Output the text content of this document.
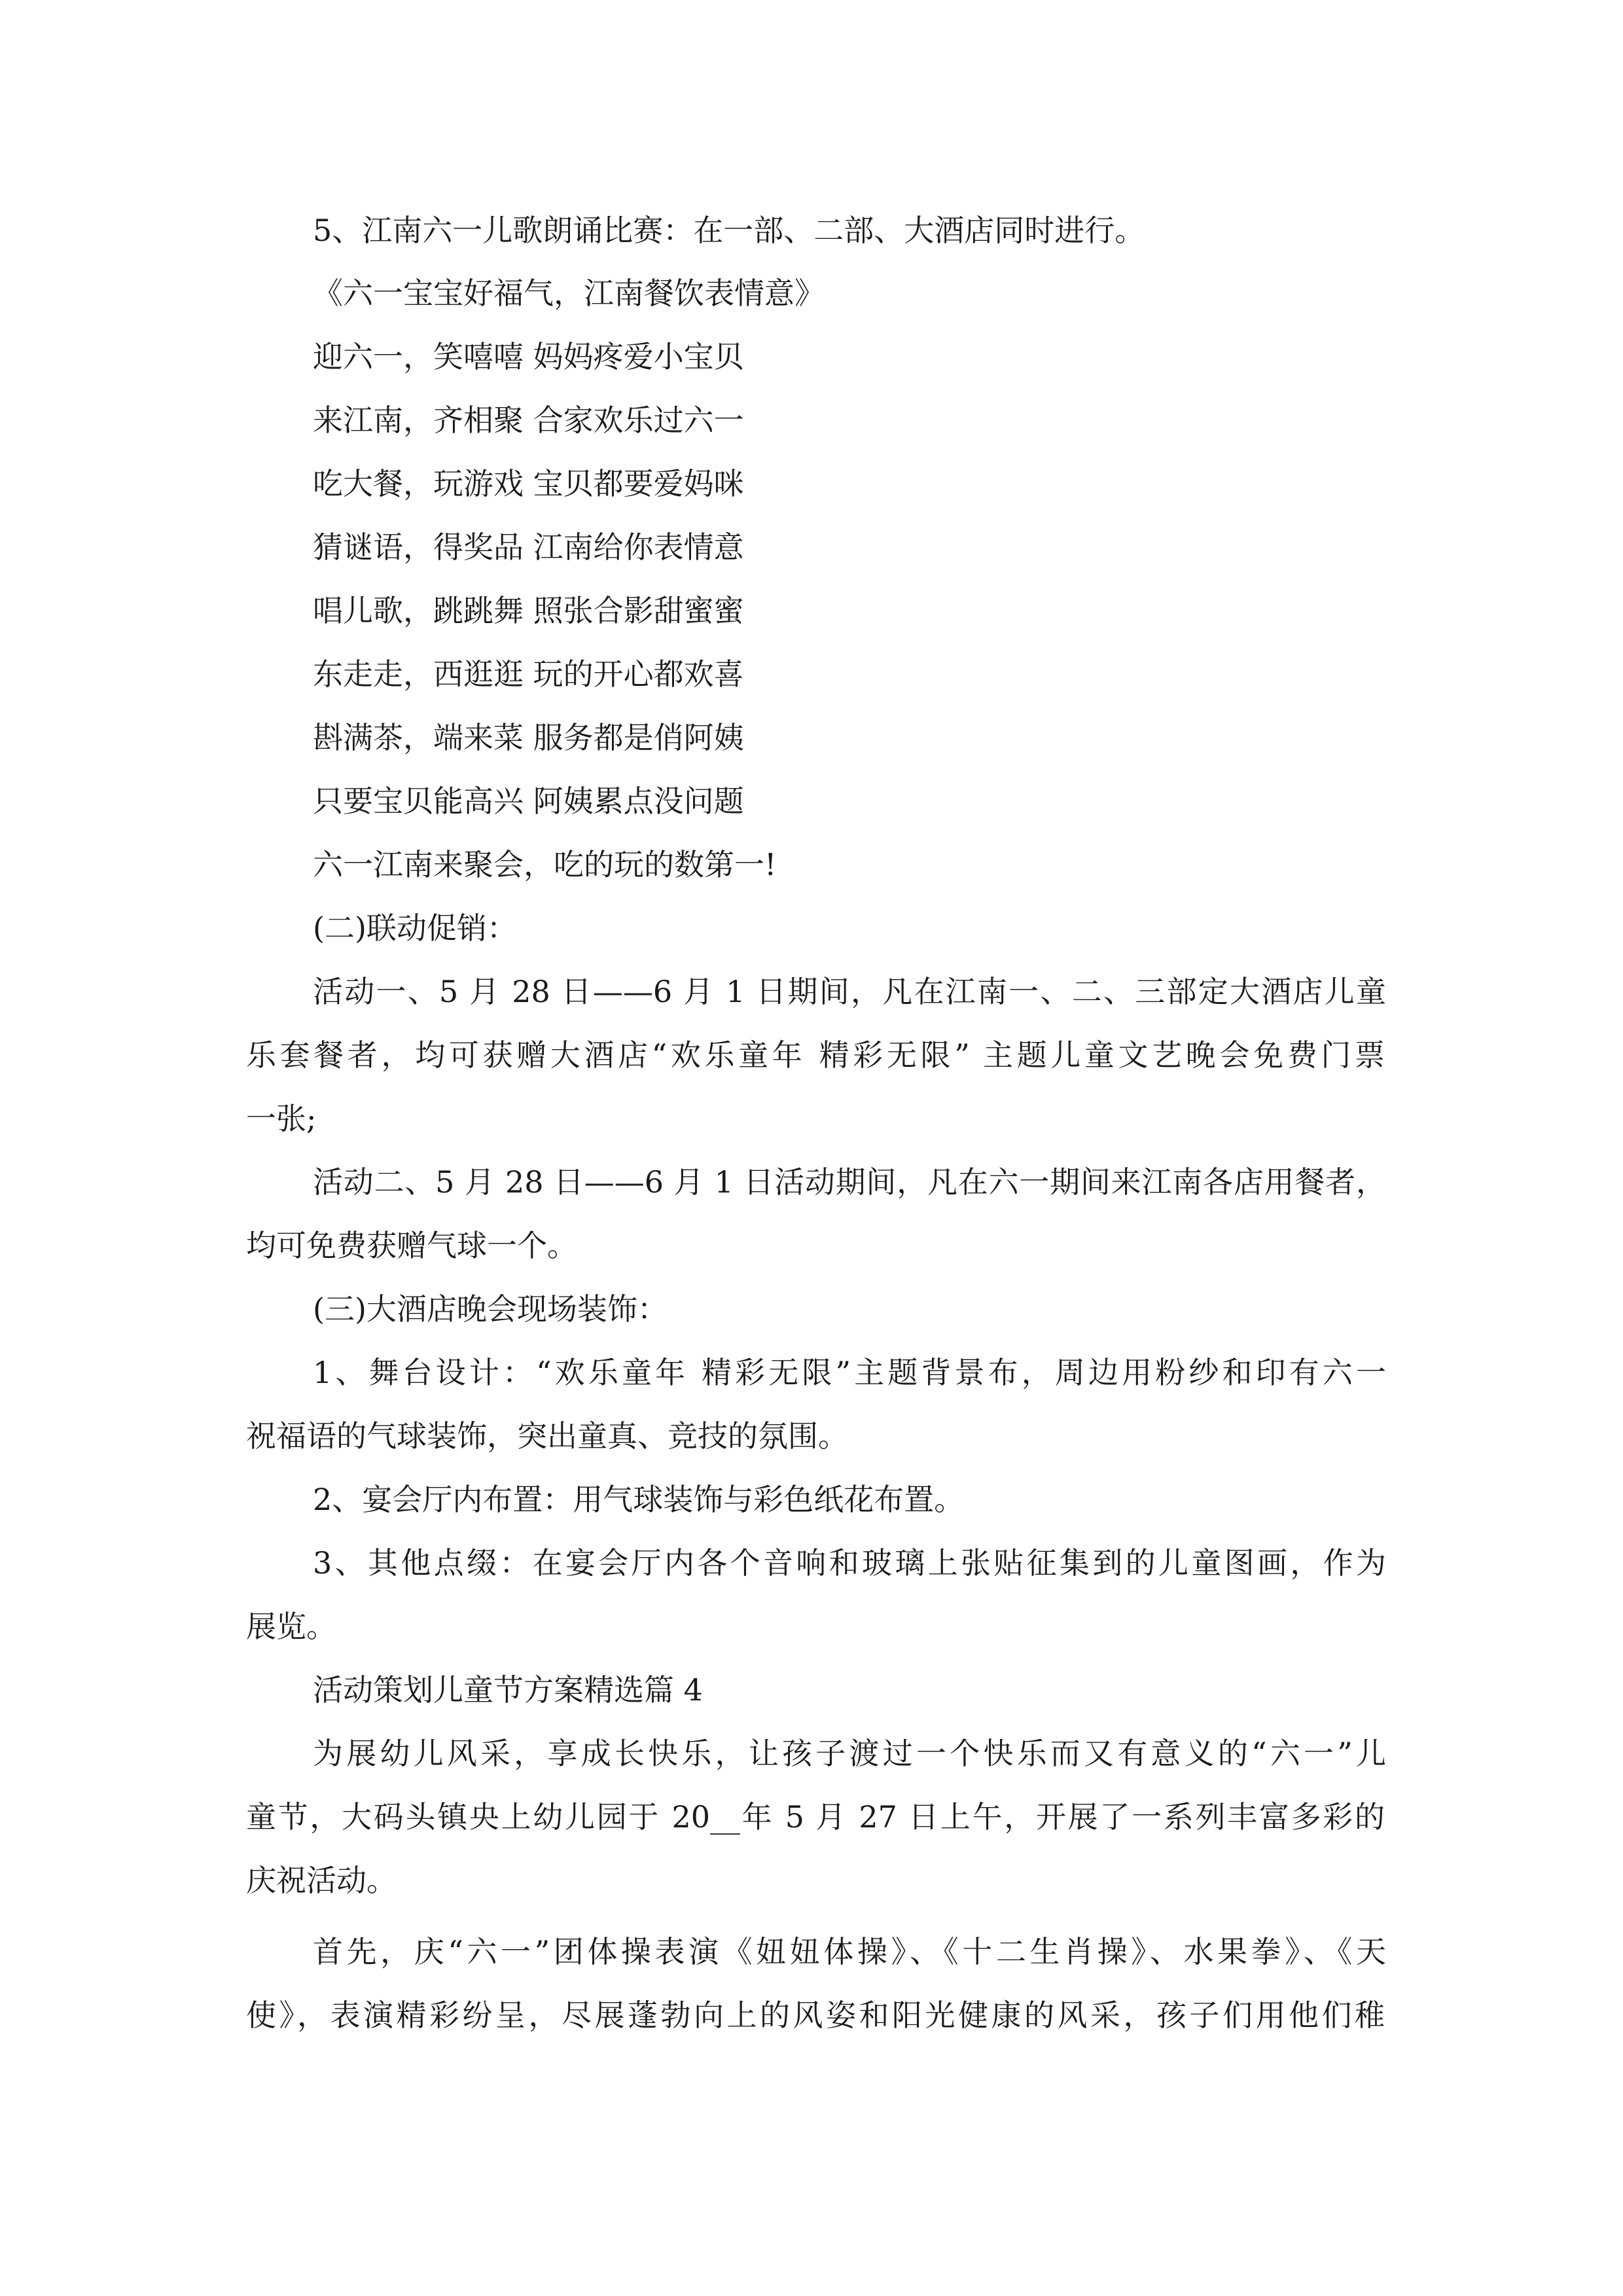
5、江南六一儿歌朗诵比赛：在一部、二部、大酒店同时进行。
《六一宝宝好福气，江南餐饮表情意》
迎六一，笑嘻嘻 妈妈疼爱小宝贝
来江南，齐相聚 合家欢乐过六一
吃大餐，玩游戏 宝贝都要爱妈咪
猜谜语，得奖品 江南给你表情意
唱儿歌，跳跳舞 照张合影甜蜜蜜
东走走，西逛逛 玩的开心都欢喜
斟满茶，端来菜 服务都是俏阿姨
只要宝贝能高兴 阿姨累点没问题
六一江南来聚会，吃的玩的数第一!
(二)联动促销：
活动一、5 月 28 日——6 月 1 日期间，凡在江南一、二、三部定大酒店儿童
乐套餐者，均可获赠大酒店“欢乐童年 精彩无限” 主题儿童文艺晚会免费门票
一张;
活动二、5 月 28 日——6 月 1 日活动期间，凡在六一期间来江南各店用餐者，
均可免费获赠气球一个。
(三)大酒店晚会现场装饰：
1、舞台设计：“欢乐童年 精彩无限”主题背景布，周边用粉纱和印有六一
祝福语的气球装饰，突出童真、竞技的氛围。
2、宴会厅内布置：用气球装饰与彩色纸花布置。
3、其他点缀：在宴会厅内各个音响和玻璃上张贴征集到的儿童图画，作为
展览。
活动策划儿童节方案精选篇 4
为展幼儿风采，享成长快乐，让孩子渡过一个快乐而又有意义的“六一”儿
童节，大码头镇央上幼儿园于 20__年 5 月 27 日上午，开展了一系列丰富多彩的
庆祝活动。
首先，庆“六一”团体操表演《妞妞体操》、《十二生肖操》、水果拳》、《天
使》，表演精彩纷呈，尽展蓬勃向上的风姿和阳光健康的风采，孩子们用他们稚
